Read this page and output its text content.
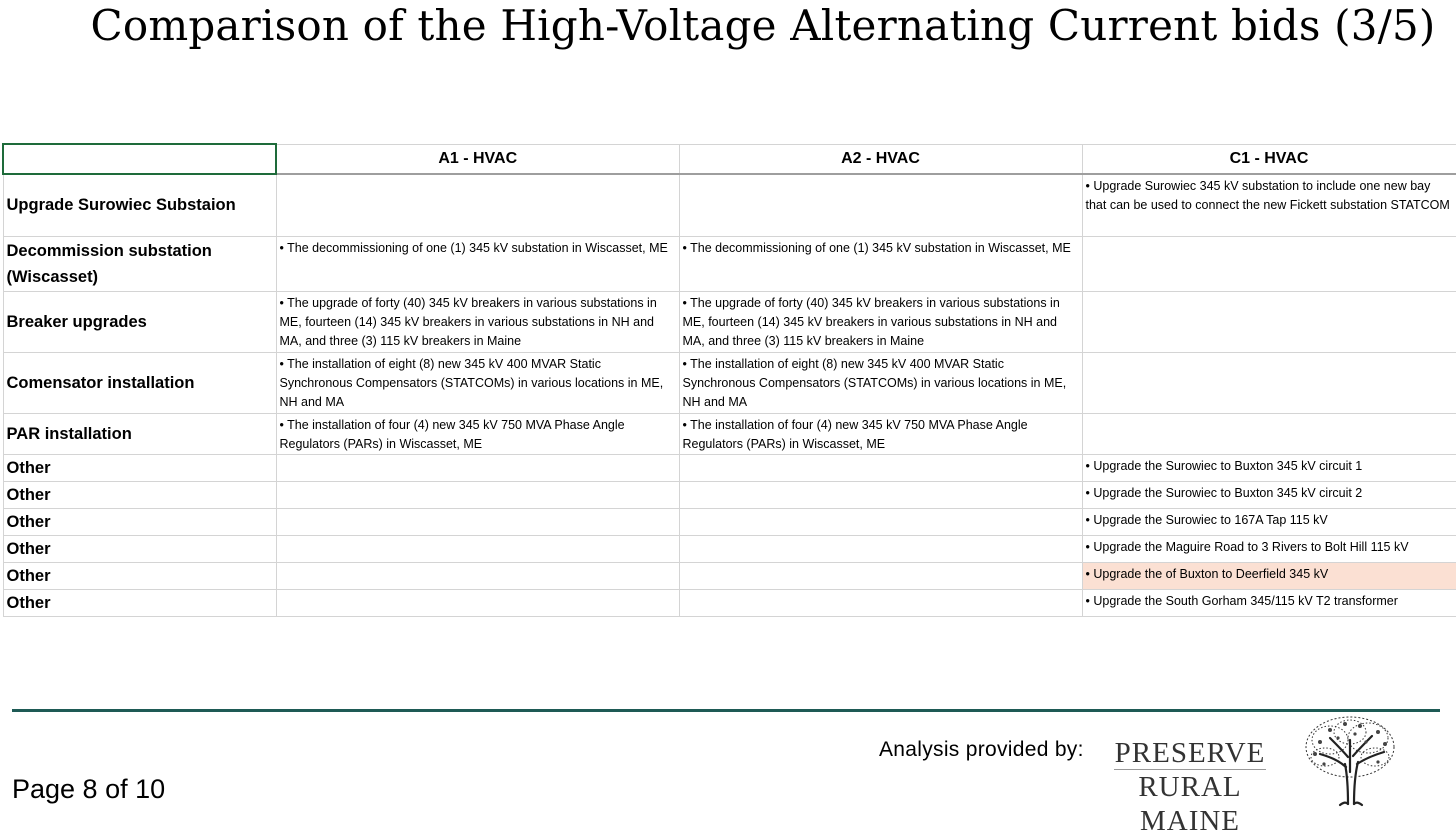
Comparison of the High-Voltage Alternating Current bids (3/5)
	A1 - HVAC	A2 - HVAC	C1 - HVAC
Upgrade Surowiec Substaion			• Upgrade Surowiec 345 kV substation to include one new bay that can be used to connect the new Fickett substation STATCOM
Decommission substation (Wiscasset)	• The decommissioning of one (1) 345 kV substation in Wiscasset, ME	• The decommissioning of one (1) 345 kV substation in Wiscasset, ME	
Breaker upgrades	• The upgrade of forty (40) 345 kV breakers in various substations in ME, fourteen (14) 345 kV breakers in various substations in NH and MA, and three (3) 115 kV breakers in Maine	• The upgrade of forty (40) 345 kV breakers in various substations in ME, fourteen (14) 345 kV breakers in various substations in NH and MA, and three (3) 115 kV breakers in Maine	
Comensator installation	• The installation of eight (8) new 345 kV 400 MVAR Static Synchronous Compensators (STATCOMs) in various locations in ME, NH and MA	• The installation of eight (8) new 345 kV 400 MVAR Static Synchronous Compensators (STATCOMs) in various locations in ME, NH and MA	
PAR installation	• The installation of four (4) new 345 kV 750 MVA Phase Angle Regulators (PARs) in Wiscasset, ME	• The installation of four (4) new 345 kV 750 MVA Phase Angle Regulators (PARs) in Wiscasset, ME	
Other			• Upgrade the Surowiec to Buxton 345 kV circuit 1
Other			• Upgrade the Surowiec to Buxton 345 kV circuit 2
Other			• Upgrade the Surowiec to 167A Tap 115 kV
Other			• Upgrade the Maguire Road to 3 Rivers to Bolt Hill 115 kV
Other			• Upgrade the of Buxton to Deerfield 345 kV
Other			• Upgrade the South Gorham 345/115 kV T2 transformer
Analysis provided by: PRESERVE
RURAL MAINE
Page 8 of 10
